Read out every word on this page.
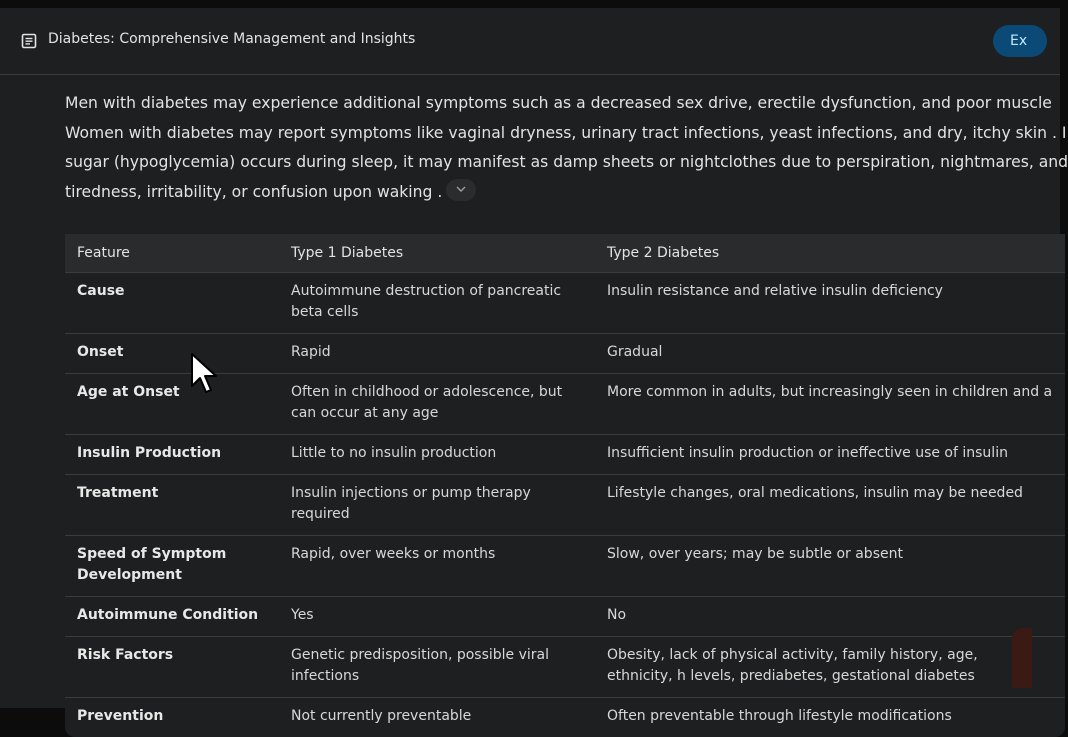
Diabetes: Comprehensive Management and Insights	Ex
Men with diabetes may experience additional symptoms such as a decreased sex drive, erectile dysfunction, and poor muscle
Women with diabetes may report symptoms like vaginal dryness, urinary tract infections, yeast infections, and dry, itchy skin . I
sugar (hypoglycemia) occurs during sleep, it may manifest as damp sheets or nightclothes due to perspiration, nightmares, and
tiredness, irritability, or confusion upon waking .
Feature	Type 1 Diabetes	Type 2 Diabetes
Cause	Autoimmune destruction of pancreatic beta cells	Insulin resistance and relative insulin deficiency
Onset	Rapid	Gradual
Age at Onset	Often in childhood or adolescence, but can occur at any age	More common in adults, but increasingly seen in children and a
Insulin Production	Little to no insulin production	Insufficient insulin production or ineffective use of insulin
Treatment	Insulin injections or pump therapy required	Lifestyle changes, oral medications, insulin may be needed
Speed of Symptom Development	Rapid, over weeks or months	Slow, over years; may be subtle or absent
Autoimmune Condition	Yes	No
Risk Factors	Genetic predisposition, possible viral infections	Obesity, lack of physical activity, family history, age, ethnicity, h levels, prediabetes, gestational diabetes
Prevention	Not currently preventable	Often preventable through lifestyle modifications
